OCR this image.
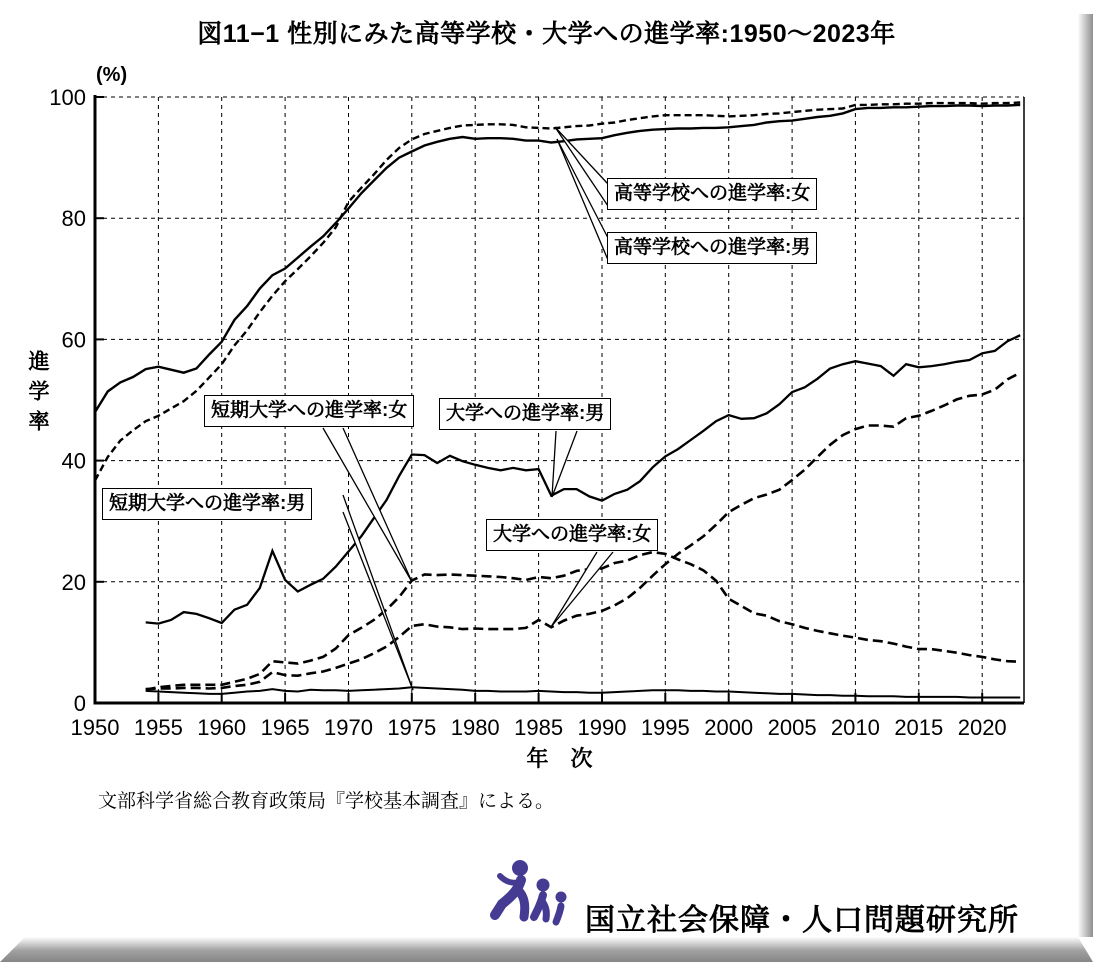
図11−1 性別にみた高等学校・大学への進学率:1950〜2023年
(%)
進学率
1950 1955 1960 1965 1970 1975 1980 1985 1990 1995 2000 2005 2010 2015 2020
0
20
40
60
80
100
年　次
高等学校への進学率:女
高等学校への進学率:男
短期大学への進学率:女	大学への進学率:男
大学への進学率:女
短期大学への進学率:男
文部科学省総合教育政策局『学校基本調査』による。
国立社会保障・人口問題研究所
